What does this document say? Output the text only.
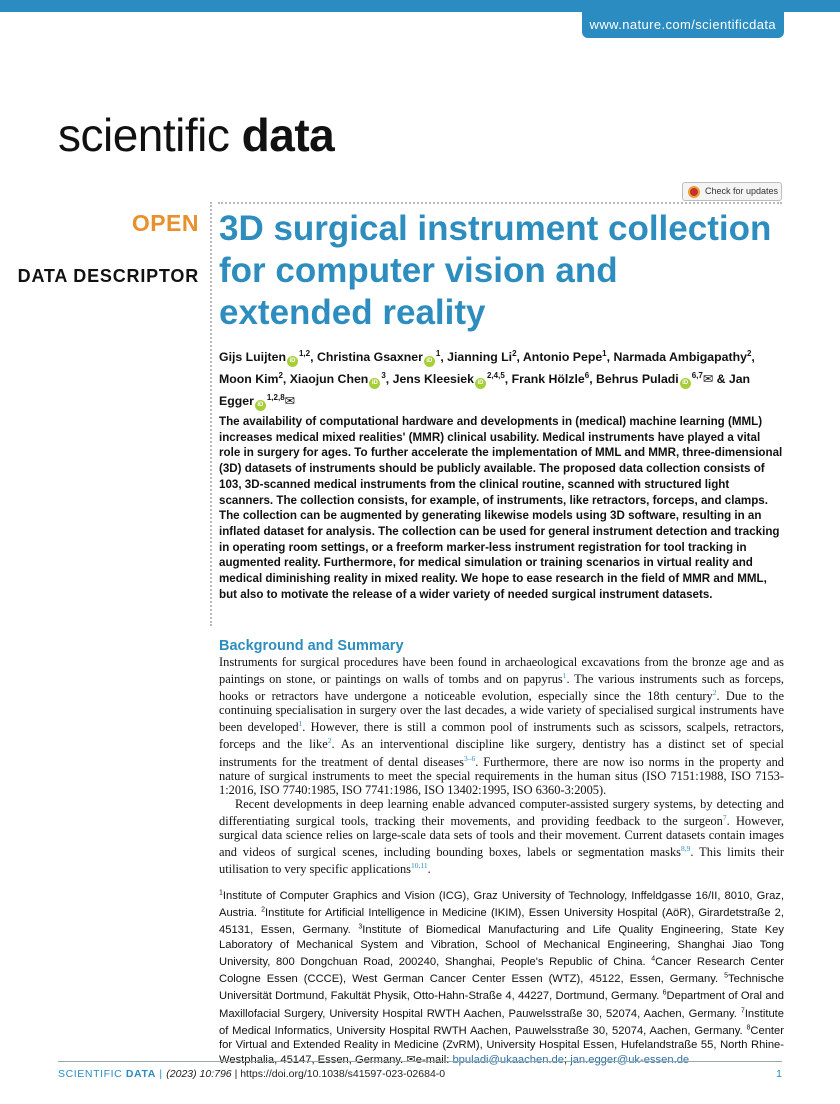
www.nature.com/scientificdata
scientific data
Check for updates
OPEN
DATA DESCRIPTOR
3D surgical instrument collection for computer vision and extended reality
Gijs Luijten iD$^{1,2}$, Christina Gsaxner $iD^1$, Jianning Li$^2$, Antonio Pepe$^1$, Narmada Ambigapathy$^2$, Moon Kim$^2$, Xiaojun Chen $iD^3$, Jens Kleesiek iD$^{2,4,5}$, Frank Hölzle$^6$, Behrus Puladi iD$^{6,7}$✉ & Jan Egger iD$^{1,2,8}$✉

The availability of computational hardware and developments in (medical) machine learning (MML) increases medical mixed realities' (MMR) clinical usability. Medical instruments have played a vital role in surgery for ages. To further accelerate the implementation of MML and MMR, three-dimensional (3D) datasets of instruments should be publicly available. The proposed data collection consists of 103, 3D-scanned medical instruments from the clinical routine, scanned with structured light scanners. The collection consists, for example, of instruments, like retractors, forceps, and clamps. The collection can be augmented by generating likewise models using 3D software, resulting in an inflated dataset for analysis. The collection can be used for general instrument detection and tracking in operating room settings, or a freeform marker-less instrument registration for tool tracking in augmented reality. Furthermore, for medical simulation or training scenarios in virtual reality and medical diminishing reality in mixed reality. We hope to ease research in the field of MMR and MML, but also to motivate the release of a wider variety of needed surgical instrument datasets.

Background and Summary

Instruments for surgical procedures have been found in archaeological excavations from the bronze age and as paintings on stone, or paintings on walls of tombs and on papyrus$^1$. The various instruments such as forceps, hooks or retractors have undergone a noticeable evolution, especially since the 18th century$^2$. Due to the continuing specialisation in surgery over the last decades, a wide variety of specialised surgical instruments have been developed$^1$. However, there is still a common pool of instruments such as scissors, scalpels, retractors, forceps and the like$^2$. As an interventional discipline like surgery, dentistry has a distinct set of special instruments for the treatment of dental diseases$^{3-6}$. Furthermore, there are now iso norms in the property and nature of surgical instruments to meet the special requirements in the human situs (ISO 7151:1988, ISO 7153-1:2016, ISO 7740:1985, ISO 7741:1986, ISO 13402:1995, ISO 6360-3:2005).

Recent developments in deep learning enable advanced computer-assisted surgery systems, by detecting and differentiating surgical tools, tracking their movements, and providing feedback to the surgeon$^7$. However, surgical data science relies on large-scale data sets of tools and their movement. Current datasets contain images and videos of surgical scenes, including bounding boxes, labels or segmentation masks$^{8,9}$. This limits their utilisation to very specific applications$^{10,11}$.

$^1$Institute of Computer Graphics and Vision (ICG), Graz University of Technology, Inffeldgasse 16/II, 8010, Graz, Austria. $^2$Institute for Artificial Intelligence in Medicine (IKIM), Essen University Hospital (AöR), Girardetstraße 2, 45131, Essen, Germany. $^3$Institute of Biomedical Manufacturing and Life Quality Engineering, State Key Laboratory of Mechanical System and Vibration, School of Mechanical Engineering, Shanghai Jiao Tong University, 800 Dongchuan Road, 200240, Shanghai, People's Republic of China. $^4$Cancer Research Center Cologne Essen (CCCE), West German Cancer Center Essen (WTZ), 45122, Essen, Germany. $^5$Technische Universität Dortmund, Fakultät Physik, Otto-Hahn-Straße 4, 44227, Dortmund, Germany. $^6$Department of Oral and Maxillofacial Surgery, University Hospital RWTH Aachen, Pauwelsstraße 30, 52074, Aachen, Germany. $^7$Institute of Medical Informatics, University Hospital RWTH Aachen, Pauwelsstraße 30, 52074, Aachen, Germany. $^8$Center for Virtual and Extended Reality in Medicine (ZvRM), University Hospital Essen, Hufelandstraße 55, North Rhine-Westphalia, 45147, Essen, Germany. ✉e-mail: bpuladi@ukaachen.de; jan.egger@uk-essen.de
SCIENTIFIC DATA | (2023) 10:796 | https://doi.org/10.1038/s41597-023-02684-0	1
